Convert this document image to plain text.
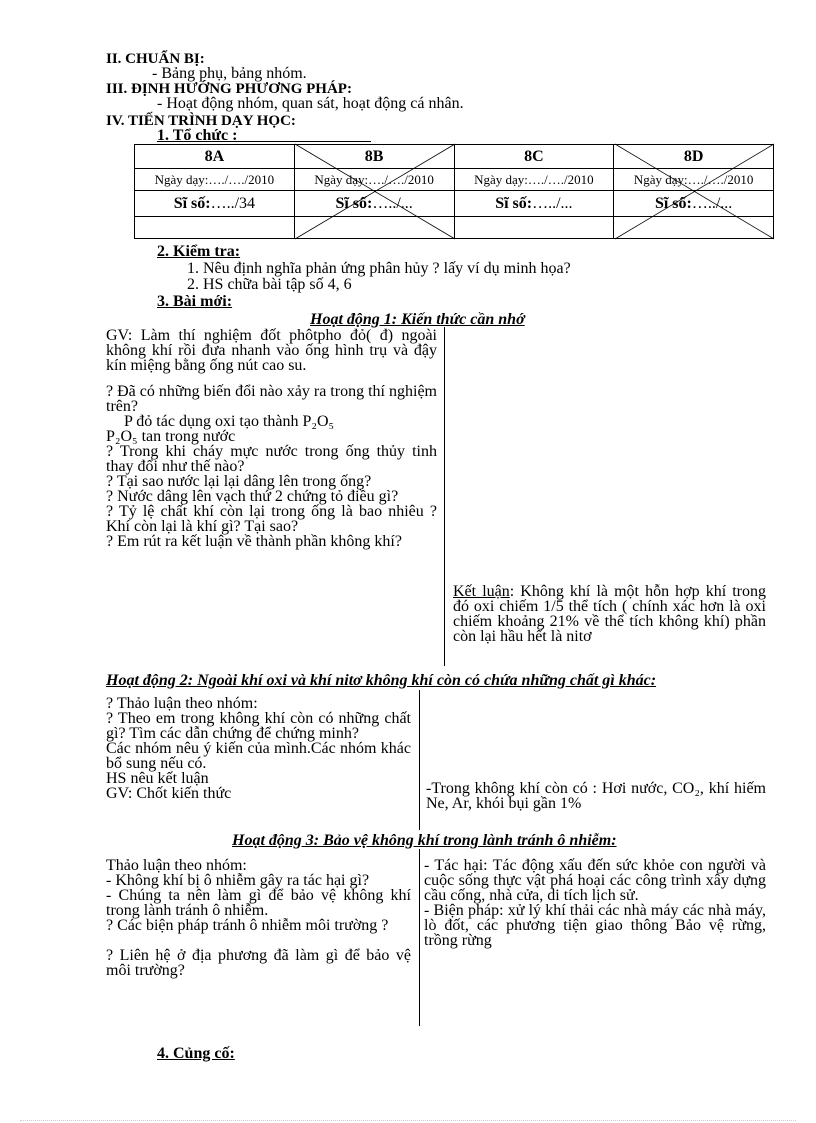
II. CHUẨN BỊ:
- Bảng phụ, bảng nhóm.
III. ĐỊNH HƯỚNG PHƯƠNG PHÁP:
- Hoạt động nhóm, quan sát, hoạt động cá nhân.
IV. TIẾN TRÌNH DẠY HỌC:
1. Tổ chức :
8A	8B	8C	8D
Ngày dạy:…./…./2010	Ngày dạy:…./…./2010	Ngày dạy:…./…./2010	Ngày dạy:…./…./2010
Sĩ số:…../34	Sĩ số:…../...	Sĩ số:…../...	Sĩ số:…../...

2. Kiểm tra:
1. Nêu định nghĩa phản ứng phân hủy ? lấy ví dụ minh họa?
2. HS chữa bài tập số 4, 6
3. Bài mới:
Hoạt động 1: Kiến thức cần nhớ
GV: Làm thí nghiệm đốt phôtpho đỏ( đ) ngoài không khí rồi đưa nhanh vào ống hình trụ và đậy kín miệng bằng ống nút cao su.
? Đã có những biến đổi nào xảy ra trong thí nghiệm trên?
P đỏ tác dụng oxi tạo thành P₂O₅
P₂O₅ tan trong nước
? Trong khi cháy mực nước trong ống thủy tinh thay đổi như thế nào?
? Tại sao nước lại lại dâng lên trong ống?
? Nước dâng lên vạch thứ 2 chứng tỏ điều gì?
? Tỷ lệ chất khí còn lại trong ống là bao nhiêu ? Khí còn lại là khí gì? Tại sao?
? Em rút ra kết luận về thành phần không khí?
Kết luận: Không khí là một hỗn hợp khí trong đó oxi chiếm 1/5 thể tích ( chính xác hơn là oxi chiếm khoảng 21% về thể tích không khí) phần còn lại hầu hết là nitơ
Hoạt động 2: Ngoài khí oxi và khí nitơ không khí còn có chứa những chất gì khác:
? Thảo luận theo nhóm:
? Theo em trong không khí còn có những chất gì? Tìm các dẫn chứng để chứng minh?
Các nhóm nêu ý kiến của mình.Các nhóm khác bổ sung nếu có.
HS nêu kết luận
GV: Chốt kiến thức	-Trong không khí còn có : Hơi nước, CO₂, khí hiếm Ne, Ar, khói bụi gần 1%
Hoạt động 3: Bảo vệ không khí trong lành tránh ô nhiễm:
Thảo luận theo nhóm:
- Không khí bị ô nhiễm gây ra tác hại gì?
- Chúng ta nên làm gì để bảo vệ không khí trong lành tránh ô nhiễm.
? Các biện pháp tránh ô nhiễm môi trường ?
? Liên hệ ở địa phương đã làm gì để bảo vệ môi trường?
- Tác hại: Tác động xấu đến sức khỏe con người và cuộc sống thực vật phá hoại các công trình xây dựng cầu cống, nhà cửa, di tích lịch sử.
- Biện pháp: xử lý khí thải các nhà máy các nhà máy, lò đốt, các phương tiện giao thông Bảo vệ rừng, trồng rừng
4. Củng cố:
